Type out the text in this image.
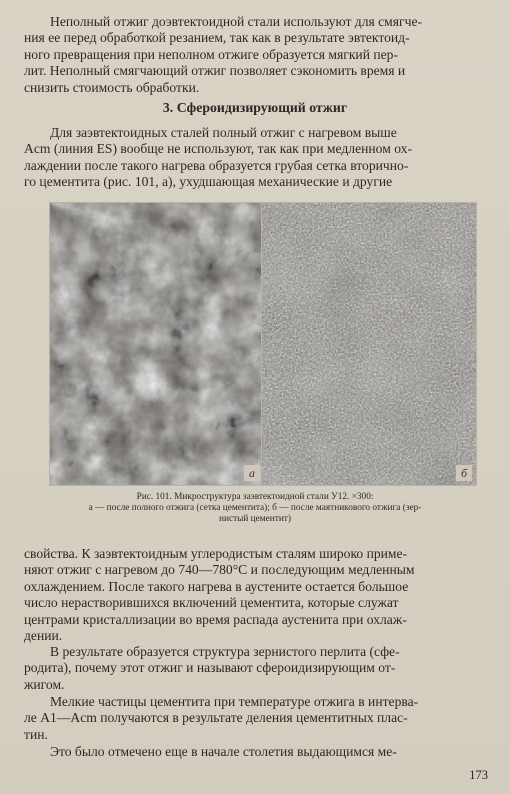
Неполный отжиг доэвтектоидной стали используют для смягче-
ния ее перед обработкой резанием, так как в результате эвтектоид-
ного превращения при неполном отжиге образуется мягкий пер-
лит. Неполный смягчающий отжиг позволяет сэкономить время и
снизить стоимость обработки.
3. Сфероидизирующий отжиг
Для заэвтектоидных сталей полный отжиг с нагревом выше
Acm (линия ES) вообще не используют, так как при медленном ох-
лаждении после такого нагрева образуется грубая сетка вторично-
го цементита (рис. 101, a), ухудшающая механические и другие
a	б
Рис. 101. Микроструктура заэвтектоидной стали У12. ×300:
a — после полного отжига (сетка цементита); б — после маятникового отжига (зер-
нистый цементит)
свойства. К заэвтектоидным углеродистым сталям широко приме-
няют отжиг с нагревом до 740—780°C и последующим медленным
охлаждением. После такого нагрева в аустените остается большое
число нерастворившихся включений цементита, которые служат
центрами кристаллизации во время распада аустенита при охлаж-
дении.
В результате образуется структура зернистого перлита (сфе-
родита), почему этот отжиг и называют сфероидизирующим от-
жигом.
Мелкие частицы цементита при температуре отжига в интерва-
ле A1—Acm получаются в результате деления цементитных плас-
тин.
Это было отмечено еще в начале столетия выдающимся ме-
173
